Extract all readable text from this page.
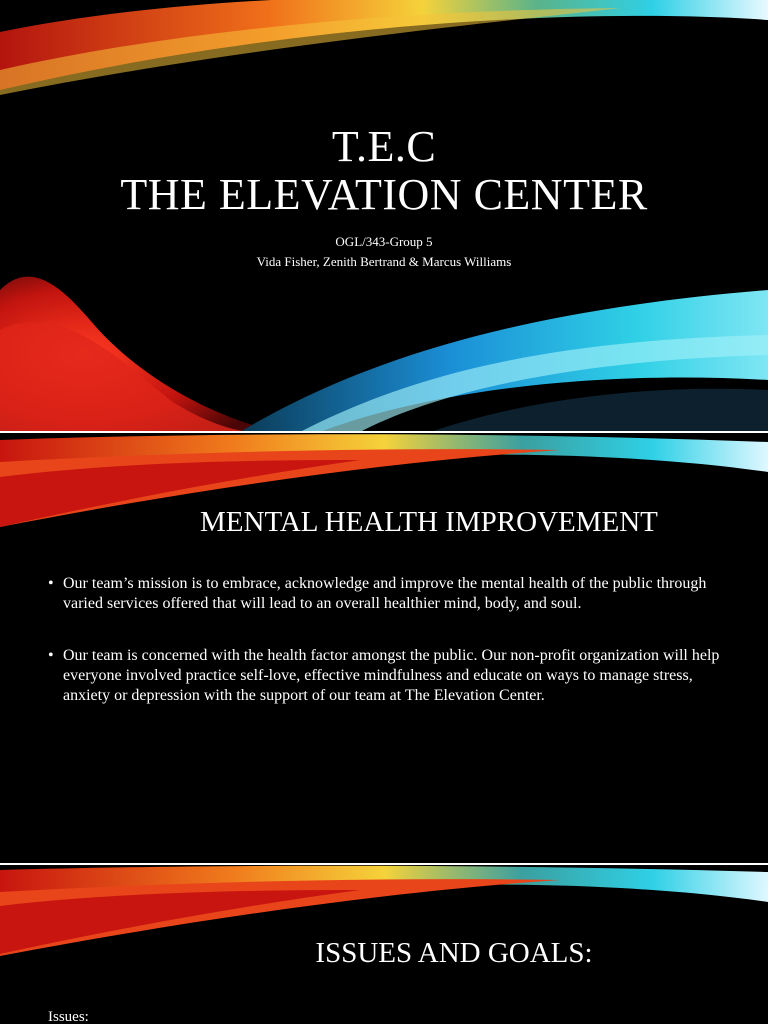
T.E.C
THE ELEVATION CENTER
OGL/343-Group 5
Vida Fisher, Zenith Bertrand & Marcus Williams
MENTAL HEALTH IMPROVEMENT
• Our team’s mission is to embrace, acknowledge and improve the mental health of the public through varied services offered that will lead to an overall healthier mind, body, and soul.
• Our team is concerned with the health factor amongst the public. Our non-profit organization will help everyone involved practice self-love, effective mindfulness and educate on ways to manage stress, anxiety or depression with the support of our team at The Elevation Center.
ISSUES AND GOALS:
Issues:
